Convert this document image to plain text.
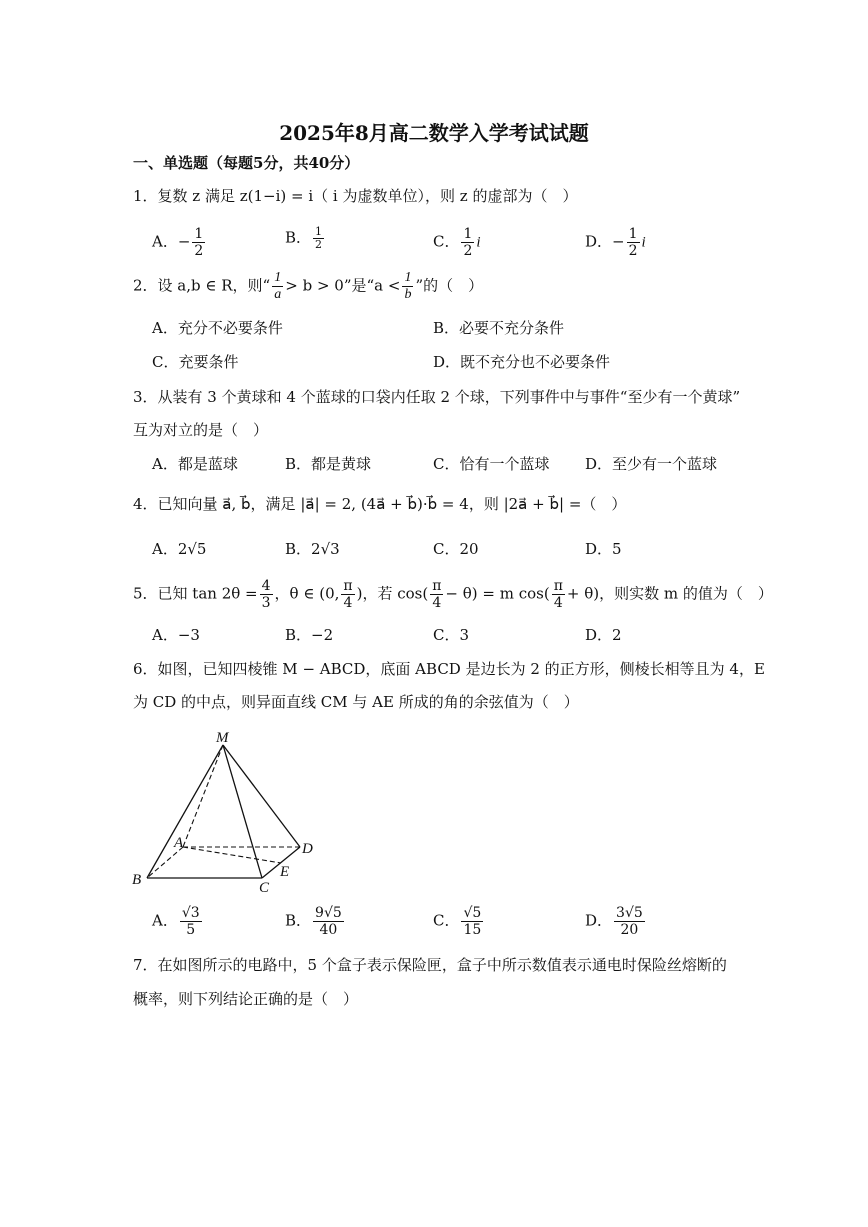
2025年8月高二数学入学考试试题
一、单选题（每题5分，共40分）
1．复数 z 满足 z(1−i) = i（ i 为虚数单位），则 z 的虚部为（　）
A．− $\frac{1}{2}$	B． $\frac{1}{2}$	C． $\frac{1}{2}$ i	D．− $\frac{1}{2}$ i
2．设 a,b ∈ R，则“ $\frac{1}{a} > b > 0$”是“$a < \frac{1}{b}$ ”的（　）
A．充分不必要条件	B．必要不充分条件
C．充要条件	D．既不充分也不必要条件
3．从装有 3 个黄球和 4 个蓝球的口袋内任取 2 个球，下列事件中与事件“至少有一个黄球”
互为对立的是（　）
A．都是蓝球	B．都是黄球	C．恰有一个蓝球 D．至少有一个蓝球
4．已知向量 a⃗, b⃗，满足 |a⃗| = 2, (4a⃗ + b⃗)·b⃗ = 4，则 |2a⃗ + b⃗| =（　）
A．2√5	B．2√3	C．20	D．5
5．已知 $\tan 2\theta = \frac{4}{3}$ ，θ ∈ (0, $\frac{\pi}{4}$ )，若 $\cos( \frac{\pi}{4} - \theta) = m$ $\cos( \frac{\pi}{4} + \theta)$，则实数 m 的值为（　）
A．−3	B．−2	C．3	D．2
6．如图，已知四棱锥 M − ABCD，底面 ABCD 是边长为 2 的正方形，侧棱长相等且为 4，E
为 CD 的中点，则异面直线 CM 与 AE 所成的角的余弦值为（　）
M
A
B	C
D
E
A． $\frac{√3}{5}$	B． $\frac{9√5}{40}$	C． $\frac{√5}{15}$	D． $\frac{3√5}{20}$
7．在如图所示的电路中，5 个盒子表示保险匣，盒子中所示数值表示通电时保险丝熔断的
概率，则下列结论正确的是（　）
